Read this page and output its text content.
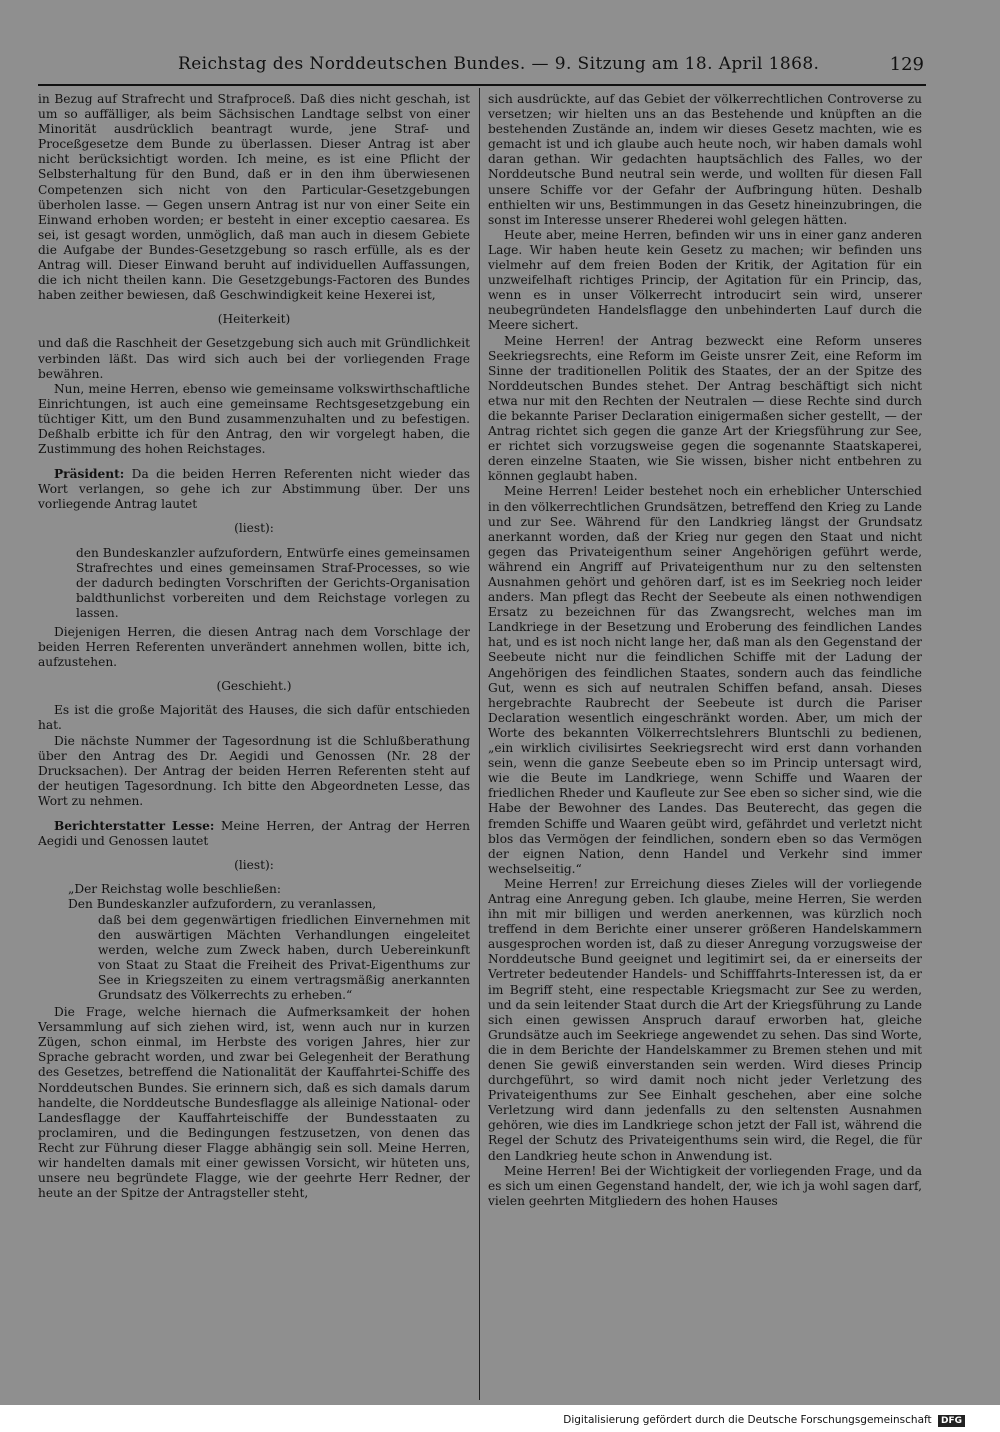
Reichstag des Norddeutschen Bundes. — 9. Sitzung am 18. April 1868.	129

in Bezug auf Strafrecht und Strafproceß. Daß dies nicht geschah, ist um so auffälliger, als beim Sächsischen Landtage selbst von einer Minorität ausdrücklich beantragt wurde, jene Straf- und Proceßgesetze dem Bunde zu überlassen. Dieser Antrag ist aber nicht berücksichtigt worden. Ich meine, es ist eine Pflicht der Selbsterhaltung für den Bund, daß er in den ihm überwiesenen Competenzen sich nicht von den Particular-Gesetzgebungen überholen lasse. — Gegen unsern Antrag ist nur von einer Seite ein Einwand erhoben worden; er besteht in einer exceptio caesarea. Es sei, ist gesagt worden, unmöglich, daß man auch in diesem Gebiete die Aufgabe der Bundes-Gesetzgebung so rasch erfülle, als es der Antrag will. Dieser Einwand beruht auf individuellen Auffassungen, die ich nicht theilen kann. Die Gesetzgebungs-Factoren des Bundes haben zeither bewiesen, daß Geschwindigkeit keine Hexerei ist,

(Heiterkeit)

und daß die Raschheit der Gesetzgebung sich auch mit Gründlichkeit verbinden läßt. Das wird sich auch bei der vorliegenden Frage bewähren.

Nun, meine Herren, ebenso wie gemeinsame volkswirthschaftliche Einrichtungen, ist auch eine gemeinsame Rechtsgesetzgebung ein tüchtiger Kitt, um den Bund zusammenzuhalten und zu befestigen. Deßhalb erbitte ich für den Antrag, den wir vorgelegt haben, die Zustimmung des hohen Reichstages.

Präsident: Da die beiden Herren Referenten nicht wieder das Wort verlangen, so gehe ich zur Abstimmung über. Der uns vorliegende Antrag lautet

(liest):

den Bundeskanzler aufzufordern, Entwürfe eines gemeinsamen Strafrechtes und eines gemeinsamen Straf-Processes, so wie der dadurch bedingten Vorschriften der Gerichts-Organisation baldthunlichst vorbereiten und dem Reichstage vorlegen zu lassen.

Diejenigen Herren, die diesen Antrag nach dem Vorschlage der beiden Herren Referenten unverändert annehmen wollen, bitte ich, aufzustehen.

(Geschieht.)

Es ist die große Majorität des Hauses, die sich dafür entschieden hat.

Die nächste Nummer der Tagesordnung ist die Schlußberathung über den Antrag des Dr. Aegidi und Genossen (Nr. 28 der Drucksachen). Der Antrag der beiden Herren Referenten steht auf der heutigen Tagesordnung. Ich bitte den Abgeordneten Lesse, das Wort zu nehmen.

Berichterstatter Lesse: Meine Herren, der Antrag der Herren Aegidi und Genossen lautet

(liest):

„Der Reichstag wolle beschließen:

Den Bundeskanzler aufzufordern, zu veranlassen,

daß bei dem gegenwärtigen friedlichen Einvernehmen mit den auswärtigen Mächten Verhandlungen eingeleitet werden, welche zum Zweck haben, durch Uebereinkunft von Staat zu Staat die Freiheit des Privat-Eigenthums zur See in Kriegszeiten zu einem vertragsmäßig anerkannten Grundsatz des Völkerrechts zu erheben.“

Die Frage, welche hiernach die Aufmerksamkeit der hohen Versammlung auf sich ziehen wird, ist, wenn auch nur in kurzen Zügen, schon einmal, im Herbste des vorigen Jahres, hier zur Sprache gebracht worden, und zwar bei Gelegenheit der Berathung des Gesetzes, betreffend die Nationalität der Kauffahrtei-Schiffe des Norddeutschen Bundes. Sie erinnern sich, daß es sich damals darum handelte, die Norddeutsche Bundesflagge als alleinige National- oder Landesflagge der Kauffahrteischiffe der Bundesstaaten zu proclamiren, und die Bedingungen festzusetzen, von denen das Recht zur Führung dieser Flagge abhängig sein soll. Meine Herren, wir handelten damals mit einer gewissen Vorsicht, wir hüteten uns, unsere neu begründete Flagge, wie der geehrte Herr Redner, der heute an der Spitze der Antragsteller steht,

sich ausdrückte, auf das Gebiet der völkerrechtlichen Controverse zu versetzen; wir hielten uns an das Bestehende und knüpften an die bestehenden Zustände an, indem wir dieses Gesetz machten, wie es gemacht ist und ich glaube auch heute noch, wir haben damals wohl daran gethan. Wir gedachten hauptsächlich des Falles, wo der Norddeutsche Bund neutral sein werde, und wollten für diesen Fall unsere Schiffe vor der Gefahr der Aufbringung hüten. Deshalb enthielten wir uns, Bestimmungen in das Gesetz hineinzubringen, die sonst im Interesse unserer Rhederei wohl gelegen hätten.

Heute aber, meine Herren, befinden wir uns in einer ganz anderen Lage. Wir haben heute kein Gesetz zu machen; wir befinden uns vielmehr auf dem freien Boden der Kritik, der Agitation für ein unzweifelhaft richtiges Princip, der Agitation für ein Princip, das, wenn es in unser Völkerrecht introducirt sein wird, unserer neubegründeten Handelsflagge den unbehinderten Lauf durch die Meere sichert.

Meine Herren! der Antrag bezweckt eine Reform unseres Seekriegsrechts, eine Reform im Geiste unsrer Zeit, eine Reform im Sinne der traditionellen Politik des Staates, der an der Spitze des Norddeutschen Bundes stehet. Der Antrag beschäftigt sich nicht etwa nur mit den Rechten der Neutralen — diese Rechte sind durch die bekannte Pariser Declaration einigermaßen sicher gestellt, — der Antrag richtet sich gegen die ganze Art der Kriegsführung zur See, er richtet sich vorzugsweise gegen die sogenannte Staatskaperei, deren einzelne Staaten, wie Sie wissen, bisher nicht entbehren zu können geglaubt haben.

Meine Herren! Leider bestehet noch ein erheblicher Unterschied in den völkerrechtlichen Grundsätzen, betreffend den Krieg zu Lande und zur See. Während für den Landkrieg längst der Grundsatz anerkannt worden, daß der Krieg nur gegen den Staat und nicht gegen das Privateigenthum seiner Angehörigen geführt werde, während ein Angriff auf Privateigenthum nur zu den seltensten Ausnahmen gehört und gehören darf, ist es im Seekrieg noch leider anders. Man pflegt das Recht der Seebeute als einen nothwendigen Ersatz zu bezeichnen für das Zwangsrecht, welches man im Landkriege in der Besetzung und Eroberung des feindlichen Landes hat, und es ist noch nicht lange her, daß man als den Gegenstand der Seebeute nicht nur die feindlichen Schiffe mit der Ladung der Angehörigen des feindlichen Staates, sondern auch das feindliche Gut, wenn es sich auf neutralen Schiffen befand, ansah. Dieses hergebrachte Raubrecht der Seebeute ist durch die Pariser Declaration wesentlich eingeschränkt worden. Aber, um mich der Worte des bekannten Völkerrechtslehrers Bluntschli zu bedienen, „ein wirklich civilisirtes Seekriegsrecht wird erst dann vorhanden sein, wenn die ganze Seebeute eben so im Princip untersagt wird, wie die Beute im Landkriege, wenn Schiffe und Waaren der friedlichen Rheder und Kaufleute zur See eben so sicher sind, wie die Habe der Bewohner des Landes. Das Beuterecht, das gegen die fremden Schiffe und Waaren geübt wird, gefährdet und verletzt nicht blos das Vermögen der feindlichen, sondern eben so das Vermögen der eignen Nation, denn Handel und Verkehr sind immer wechselseitig.“

Meine Herren! zur Erreichung dieses Zieles will der vorliegende Antrag eine Anregung geben. Ich glaube, meine Herren, Sie werden ihn mit mir billigen und werden anerkennen, was kürzlich noch treffend in dem Berichte einer unserer größeren Handelskammern ausgesprochen worden ist, daß zu dieser Anregung vorzugsweise der Norddeutsche Bund geeignet und legitimirt sei, da er einerseits der Vertreter bedeutender Handels- und Schifffahrts-Interessen ist, da er im Begriff steht, eine respectable Kriegsmacht zur See zu werden, und da sein leitender Staat durch die Art der Kriegsführung zu Lande sich einen gewissen Anspruch darauf erworben hat, gleiche Grundsätze auch im Seekriege angewendet zu sehen. Das sind Worte, die in dem Berichte der Handelskammer zu Bremen stehen und mit denen Sie gewiß einverstanden sein werden. Wird dieses Princip durchgeführt, so wird damit noch nicht jeder Verletzung des Privateigenthums zur See Einhalt geschehen, aber eine solche Verletzung wird dann jedenfalls zu den seltensten Ausnahmen gehören, wie dies im Landkriege schon jetzt der Fall ist, während die Regel der Schutz des Privateigenthums sein wird, die Regel, die für den Landkrieg heute schon in Anwendung ist.

Meine Herren! Bei der Wichtigkeit der vorliegenden Frage, und da es sich um einen Gegenstand handelt, der, wie ich ja wohl sagen darf, vielen geehrten Mitgliedern des hohen Hauses

Digitalisierung gefördert durch die Deutsche Forschungsgemeinschaft DFG
